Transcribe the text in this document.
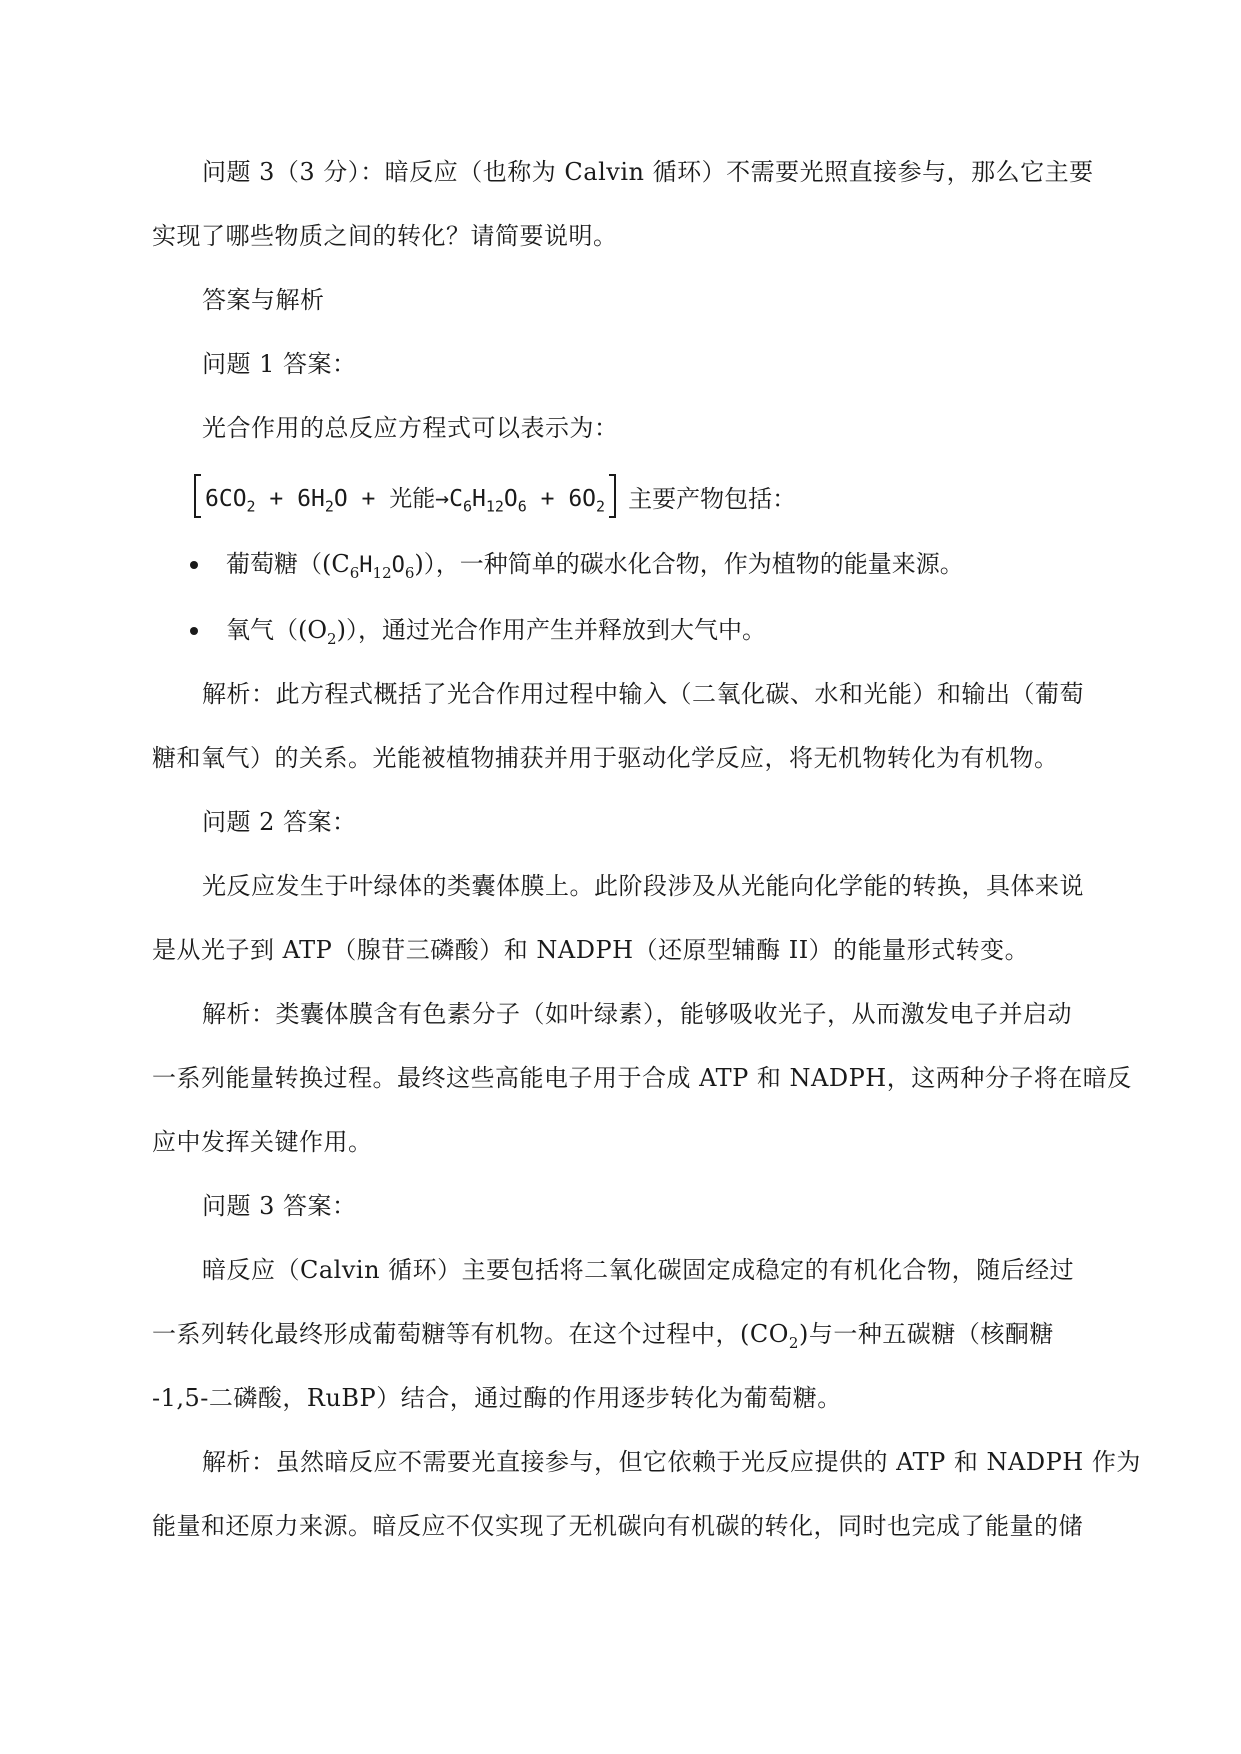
问题 3（3 分）：暗反应（也称为 Calvin 循环）不需要光照直接参与，那么它主要

实现了哪些物质之间的转化？请简要说明。

答案与解析

问题 1 答案：

光合作用的总反应方程式可以表示为：

$6CO_2 + 6H_2O$ + 光能$\to C_6H_{12}O_6 + 6O_2$ 主要产物包括：
葡萄糖$((C_6H_{12}O_6))$，一种简单的碳水化合物，作为植物的能量来源。
氧气$((O_2))$，通过光合作用产生并释放到大气中。

解析：此方程式概括了光合作用过程中输入（二氧化碳、水和光能）和输出（葡萄

糖和氧气）的关系。光能被植物捕获并用于驱动化学反应，将无机物转化为有机物。

问题 2 答案：

光反应发生于叶绿体的类囊体膜上。此阶段涉及从光能向化学能的转换，具体来说

是从光子到 ATP（腺苷三磷酸）和 NADPH（还原型辅酶 II）的能量形式转变。

解析：类囊体膜含有色素分子（如叶绿素），能够吸收光子，从而激发电子并启动

一系列能量转换过程。最终这些高能电子用于合成 ATP 和 NADPH，这两种分子将在暗反

应中发挥关键作用。

问题 3 答案：

暗反应（Calvin 循环）主要包括将二氧化碳固定成稳定的有机化合物，随后经过

一系列转化最终形成葡萄糖等有机物。在这个过程中，$(CO_2)$与一种五碳糖（核酮糖

-1,5-二磷酸，RuBP）结合，通过酶的作用逐步转化为葡萄糖。

解析：虽然暗反应不需要光直接参与，但它依赖于光反应提供的 ATP 和 NADPH 作为

能量和还原力来源。暗反应不仅实现了无机碳向有机碳的转化，同时也完成了能量的储
